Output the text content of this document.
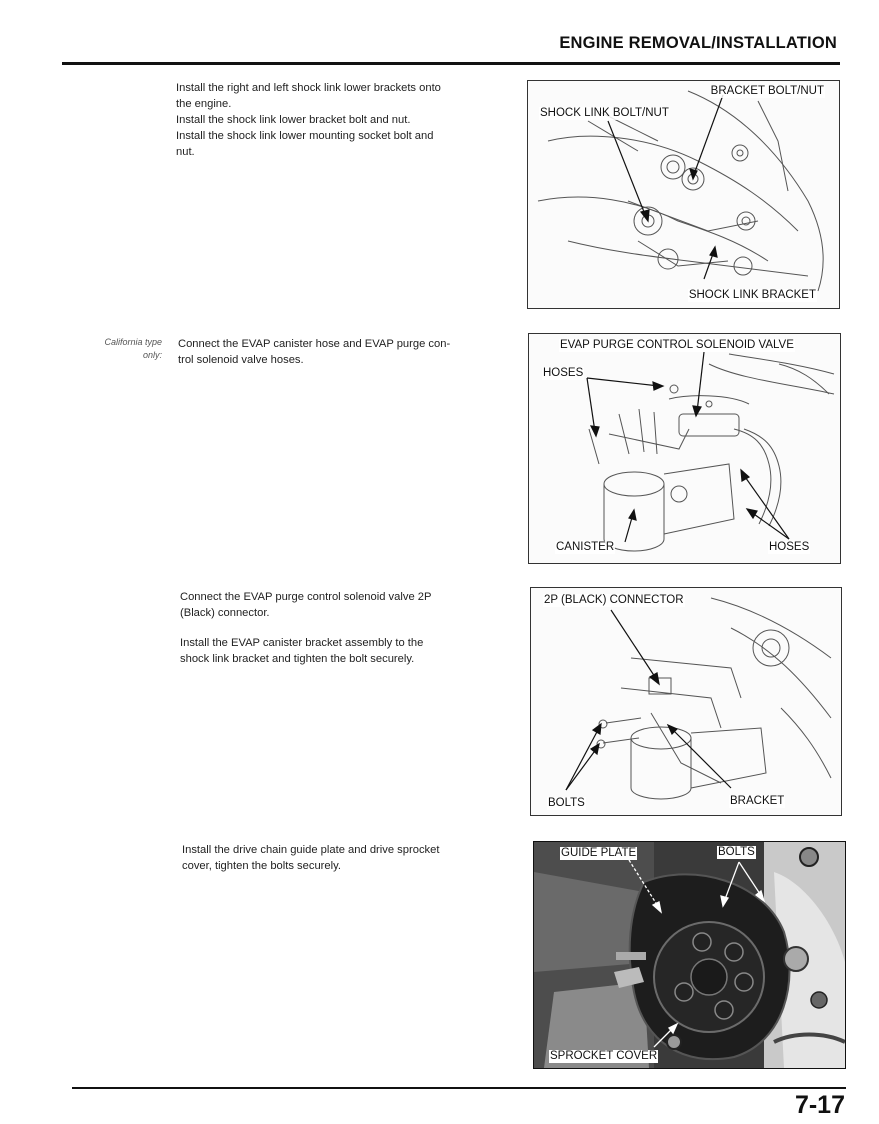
ENGINE REMOVAL/INSTALLATION

Install the right and left shock link lower brackets onto

the engine.

Install the shock link lower bracket bolt and nut.

Install the shock link lower mounting socket bolt and

nut.

BRACKET BOLT/NUT
SHOCK LINK BOLT/NUT
SHOCK LINK BRACKET
California type
only:

Connect the EVAP canister hose and EVAP purge con-

trol solenoid valve hoses.

EVAP PURGE CONTROL SOLENOID VALVE
HOSES
CANISTER	HOSES

Connect the EVAP purge control solenoid valve 2P

(Black) connector.

Install the EVAP canister bracket assembly to the

shock link bracket and tighten the bolt securely.

2P (BLACK) CONNECTOR
BOLTS	BRACKET

Install the drive chain guide plate and drive sprocket

cover, tighten the bolts securely.

GUIDE PLATE	BOLTS
SPROCKET COVER
7-17
